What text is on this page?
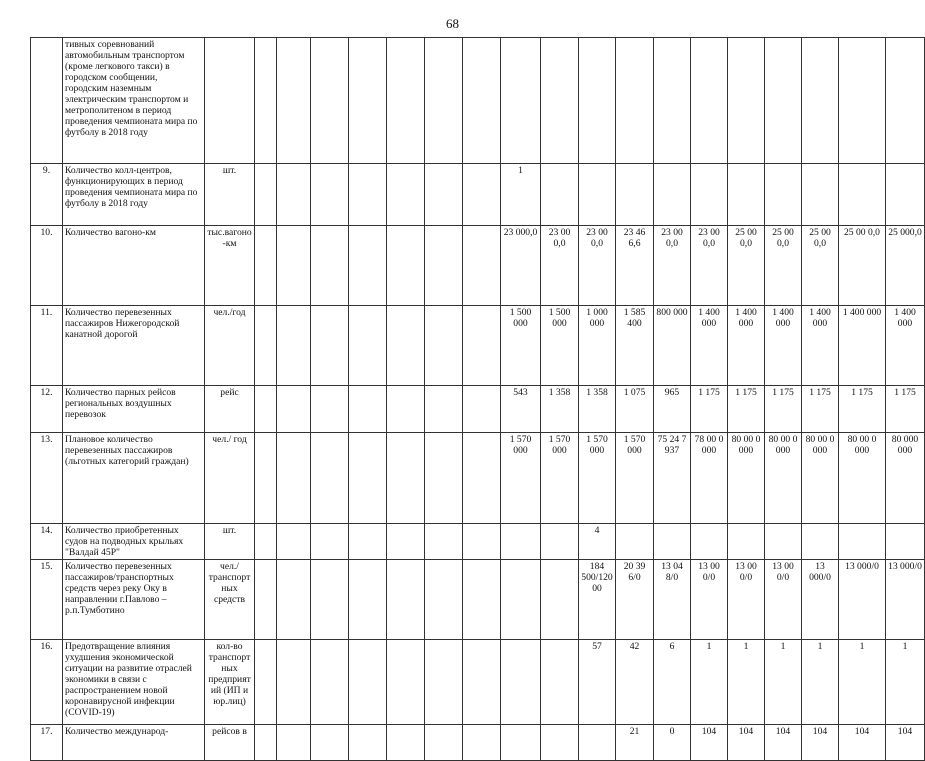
68
	тивных соревнований автомобильным транспортом (кроме легкового такси) в городском сообщении, городским наземным электрическим транспортом и метрополитеном в период проведения чемпионата мира по футболу в 2018 году																				
9.	Количество колл-центров, функционирующих в период проведения чемпионата мира по футболу в 2018 году	шт.								1											
10.	Количество вагоно-км	тыс.вагоно-км								23 000,0	23 00 0,0	23 00 0,0	23 46 6,6	23 00 0,0	23 00 0,0	25 00 0,0	25 00 0,0	25 00 0,0	25 00 0,0	25 000,0	
11.	Количество перевезенных пассажиров Нижегородской канатной дорогой	чел./год								1 500 000	1 500 000	1 000 000	1 585 400	800 000	1 400 000	1 400 000	1 400 000	1 400 000	1 400 000	1 400 000	
12.	Количество парных рейсов региональных воздушных перевозок	рейс								543	1 358	1 358	1 075	965	1 175	1 175	1 175	1 175	1 175	1 175	
13.	Плановое количество перевезенных пассажиров (льготных категорий граждан)	чел./ год								1 570 000	1 570 000	1 570 000	1 570 000	75 24 7 937	78 00 0 000	80 00 0 000	80 00 0 000	80 00 0 000	80 00 0 000	80 000 000	
14.	Количество приобретенных судов на подводных крыльях "Валдай 45Р"	шт.										4									
15.	Количество перевезенных пассажиров/транспортных средств через реку Оку в направлении г.Павлово – р.п.Тумботино	чел./транспортных средств										184 500/12000	20 39 6/0	13 04 8/0	13 00 0/0	13 00 0/0	13 00 0/0	13 000/0	13 000/0	13 000/0	
16.	Предотвращение влияния ухудшения экономической ситуации на развитие отраслей экономики в связи с распространением новой коронавирусной инфекции (COVID-19)	кол-во транспортных предприятий (ИП и юр.лиц)										57	42	6	1	1	1	1	1	1	
17.	Количество международ-	рейсов в											21	0	104	104	104	104	104	104	
